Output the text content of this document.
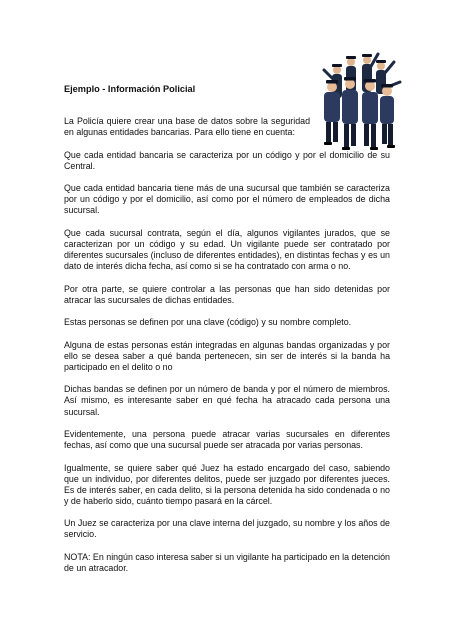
Ejemplo - Información Policial

La Policía quiere crear una base de datos sobre la seguridad en algunas entidades bancarias. Para ello tiene en cuenta:

Que cada entidad bancaria se caracteriza por un código y por el domicilio de su Central.

Que cada entidad bancaria tiene más de una sucursal que también se caracteriza por un código y por el domicilio, así como por el número de empleados de dicha sucursal.

Que cada sucursal contrata, según el día, algunos vigilantes jurados, que se caracterizan por un código y su edad. Un vigilante puede ser contratado por diferentes sucursales (incluso de diferentes entidades), en distintas fechas y es un dato de interés dicha fecha, así como si se ha contratado con arma o no.

Por otra parte, se quiere controlar a las personas que han sido detenidas por atracar las sucursales de dichas entidades.

Estas personas se definen por una clave (código) y su nombre completo.

Alguna de estas personas están integradas en algunas bandas organizadas y por ello se desea saber a qué banda pertenecen, sin ser de interés si la banda ha participado en el delito o no

Dichas bandas se definen por un número de banda y por el número de miembros. Así mismo, es interesante saber en qué fecha ha atracado cada persona una sucursal.

Evidentemente, una persona puede atracar varias sucursales en diferentes fechas, así como que una sucursal puede ser atracada por varias personas.

Igualmente, se quiere saber qué Juez ha estado encargado del caso, sabiendo que un individuo, por diferentes delitos, puede ser juzgado por diferentes jueces. Es de interés saber, en cada delito, si la persona detenida ha sido condenada o no y de haberlo sido, cuánto tiempo pasará en la cárcel.

Un Juez se caracteriza por una clave interna del juzgado, su nombre y los años de servicio.

NOTA: En ningún caso interesa saber si un vigilante ha participado en la detención de un atracador.
